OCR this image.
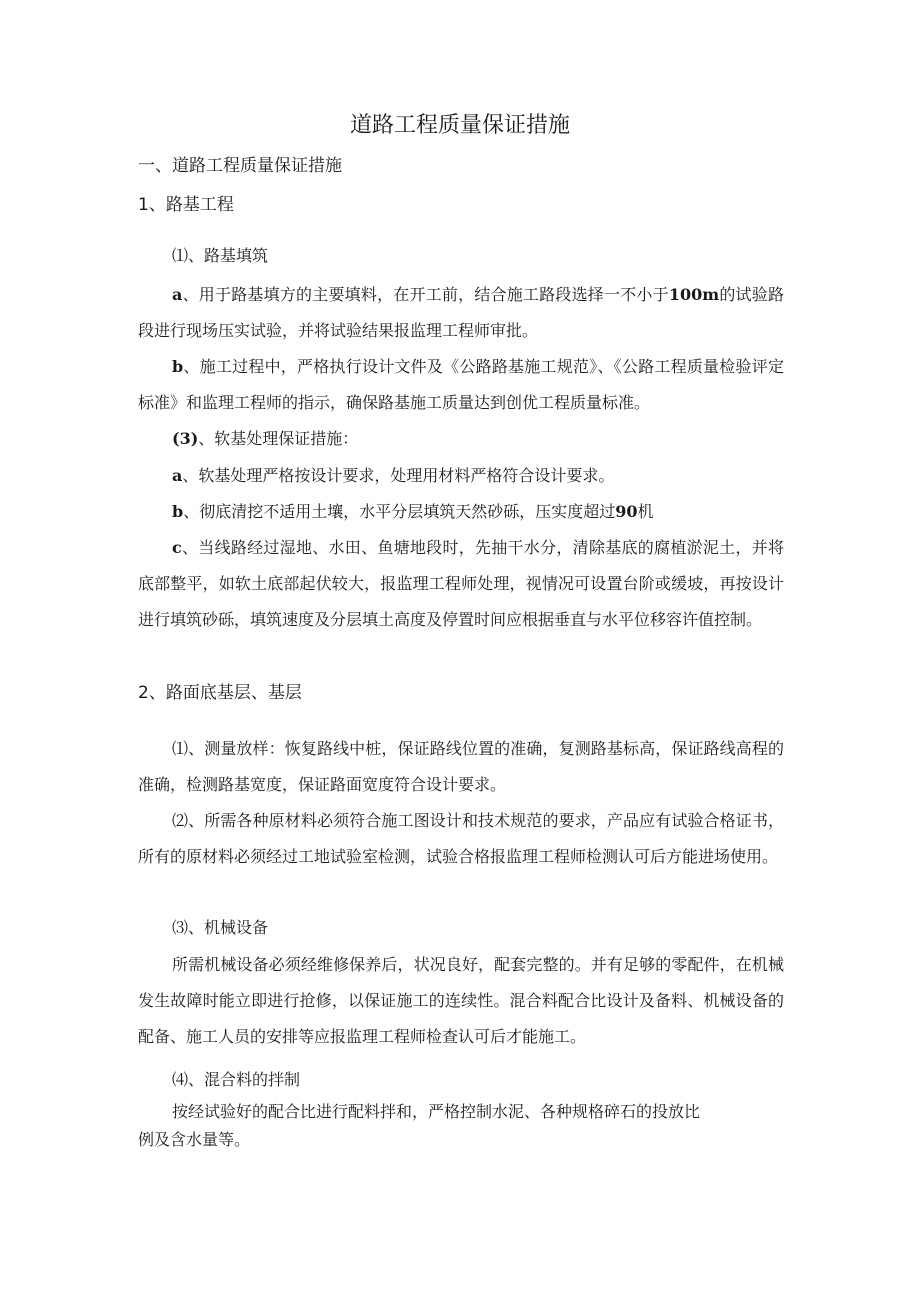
道路工程质量保证措施
一、道路工程质量保证措施
1、路基工程
⑴、路基填筑
a、用于路基填方的主要填料，在开工前，结合施工路段选择一不小于100m的试验路段进行现场压实试验，并将试验结果报监理工程师审批。
b、施工过程中，严格执行设计文件及《公路路基施工规范》、《公路工程质量检验评定标准》和监理工程师的指示，确保路基施工质量达到创优工程质量标准。
(3)、软基处理保证措施：
a、软基处理严格按设计要求，处理用材料严格符合设计要求。
b、彻底清挖不适用土壤，水平分层填筑天然砂砾，压实度超过90机
c、当线路经过湿地、水田、鱼塘地段时，先抽干水分，清除基底的腐植淤泥土，并将底部整平，如软土底部起伏较大，报监理工程师处理，视情况可设置台阶或缓坡，再按设计进行填筑砂砾，填筑速度及分层填土高度及停置时间应根据垂直与水平位移容许值控制。
2、路面底基层、基层
⑴、测量放样：恢复路线中桩，保证路线位置的准确，复测路基标高，保证路线高程的准确，检测路基宽度，保证路面宽度符合设计要求。
⑵、所需各种原材料必须符合施工图设计和技术规范的要求，产品应有试验合格证书，所有的原材料必须经过工地试验室检测，试验合格报监理工程师检测认可后方能进场使用。
⑶、机械设备
所需机械设备必须经维修保养后，状况良好，配套完整的。并有足够的零配件，在机械发生故障时能立即进行抢修，以保证施工的连续性。混合料配合比设计及备料、机械设备的配备、施工人员的安排等应报监理工程师检查认可后才能施工。
⑷、混合料的拌制
按经试验好的配合比进行配料拌和，严格控制水泥、各种规格碎石的投放比
例及含水量等。
